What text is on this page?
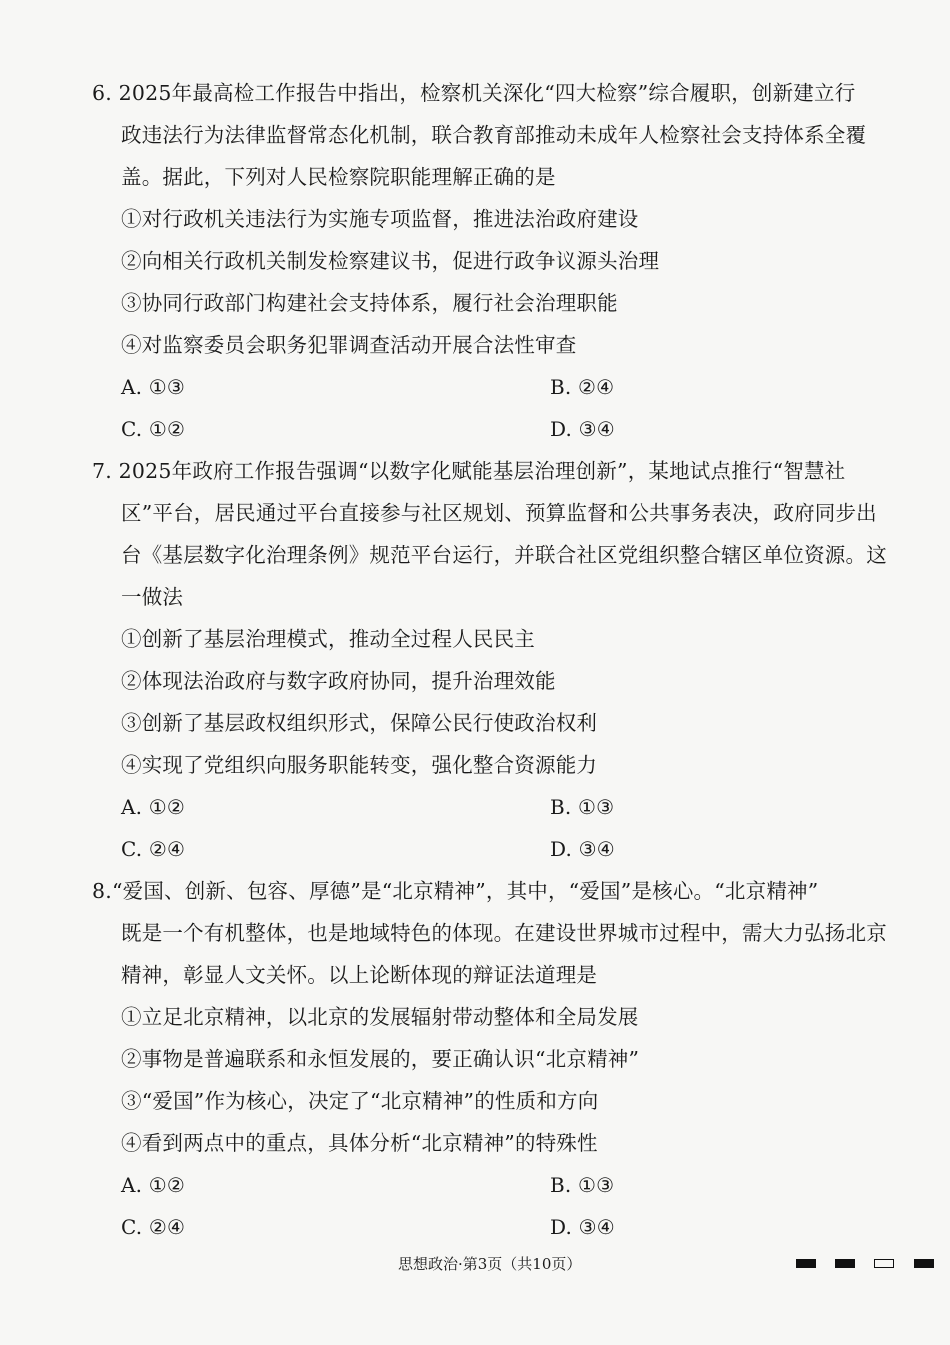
6. 2025年最高检工作报告中指出，检察机关深化“四大检察”综合履职，创新建立行
政违法行为法律监督常态化机制，联合教育部推动未成年人检察社会支持体系全覆
盖。据此，下列对人民检察院职能理解正确的是
①对行政机关违法行为实施专项监督，推进法治政府建设
②向相关行政机关制发检察建议书，促进行政争议源头治理
③协同行政部门构建社会支持体系，履行社会治理职能
④对监察委员会职务犯罪调查活动开展合法性审查
A. ①③	B. ②④
C. ①②	D. ③④
7. 2025年政府工作报告强调“以数字化赋能基层治理创新”，某地试点推行“智慧社
区”平台，居民通过平台直接参与社区规划、预算监督和公共事务表决，政府同步出
台《基层数字化治理条例》规范平台运行，并联合社区党组织整合辖区单位资源。这
一做法
①创新了基层治理模式，推动全过程人民民主
②体现法治政府与数字政府协同，提升治理效能
③创新了基层政权组织形式，保障公民行使政治权利
④实现了党组织向服务职能转变，强化整合资源能力
A. ①②	B. ①③
C. ②④	D. ③④
8.“爱国、创新、包容、厚德”是“北京精神”，其中，“爱国”是核心。“北京精神”
既是一个有机整体，也是地域特色的体现。在建设世界城市过程中，需大力弘扬北京
精神，彰显人文关怀。以上论断体现的辩证法道理是
①立足北京精神，以北京的发展辐射带动整体和全局发展
②事物是普遍联系和永恒发展的，要正确认识“北京精神”
③“爱国”作为核心，决定了“北京精神”的性质和方向
④看到两点中的重点，具体分析“北京精神”的特殊性
A. ①②	B. ①③
C. ②④	D. ③④
思想政治·第3页（共10页）
